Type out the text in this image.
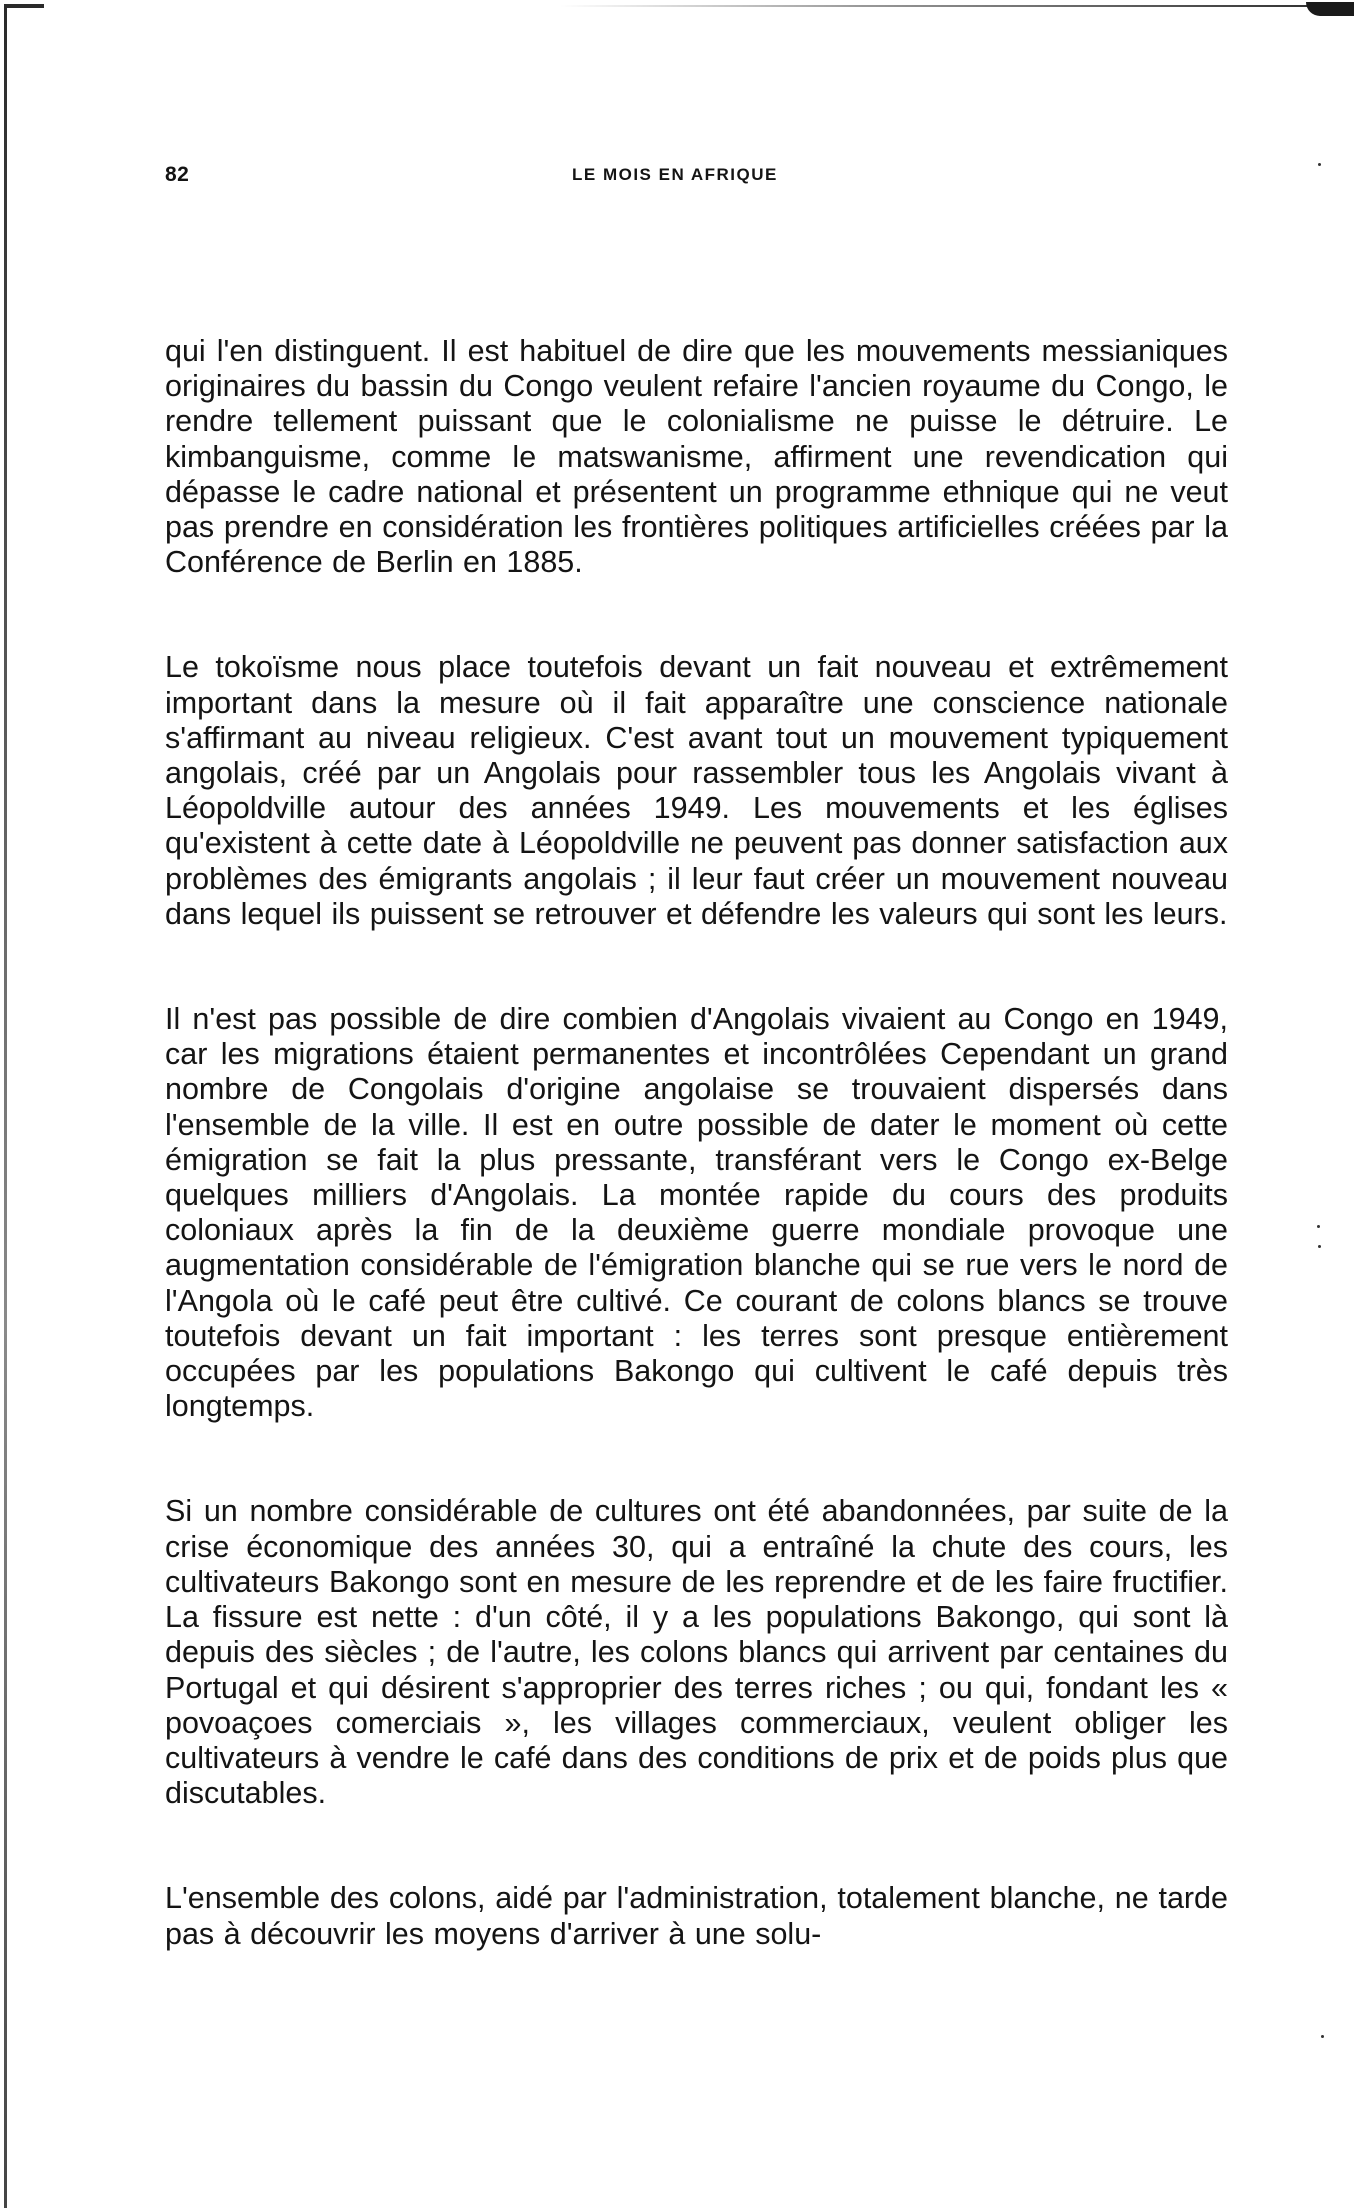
82	LE MOIS EN AFRIQUE

qui l'en distinguent. Il est habituel de dire que les mouvements messianiques originaires du bassin du Congo veulent refaire l'ancien royaume du Congo, le rendre tellement puissant que le colonialisme ne puisse le détruire. Le kimbanguisme, comme le matswanisme, affirment une revendication qui dépasse le cadre national et présentent un programme ethnique qui ne veut pas prendre en considération les frontières politiques artificielles créées par la Conférence de Berlin en 1885.

Le tokoïsme nous place toutefois devant un fait nouveau et extrêmement important dans la mesure où il fait apparaître une conscience nationale s'affirmant au niveau religieux. C'est avant tout un mouvement typiquement angolais, créé par un Angolais pour rassembler tous les Angolais vivant à Léopoldville autour des années 1949. Les mouvements et les églises qu'existent à cette date à Léopoldville ne peuvent pas donner satisfaction aux problèmes des émigrants angolais ; il leur faut créer un mouvement nouveau dans lequel ils puissent se retrouver et défendre les valeurs qui sont les leurs.

Il n'est pas possible de dire combien d'Angolais vivaient au Congo en 1949, car les migrations étaient permanentes et incontrôlées Cependant un grand nombre de Congolais d'origine angolaise se trouvaient dispersés dans l'ensemble de la ville. Il est en outre possible de dater le moment où cette émigration se fait la plus pressante, transférant vers le Congo ex-Belge quelques milliers d'Angolais. La montée rapide du cours des produits coloniaux après la fin de la deuxième guerre mondiale provoque une augmentation considérable de l'émigration blanche qui se rue vers le nord de l'Angola où le café peut être cultivé. Ce courant de colons blancs se trouve toutefois devant un fait important : les terres sont presque entièrement occupées par les populations Bakongo qui cultivent le café depuis très longtemps.

Si un nombre considérable de cultures ont été abandonnées, par suite de la crise économique des années 30, qui a entraîné la chute des cours, les cultivateurs Bakongo sont en mesure de les reprendre et de les faire fructifier. La fissure est nette : d'un côté, il y a les populations Bakongo, qui sont là depuis des siècles ; de l'autre, les colons blancs qui arrivent par centaines du Portugal et qui désirent s'approprier des terres riches ; ou qui, fondant les « povoaçoes comerciais », les villages commerciaux, veulent obliger les cultivateurs à vendre le café dans des conditions de prix et de poids plus que discutables.

L'ensemble des colons, aidé par l'administration, totalement blanche, ne tarde pas à découvrir les moyens d'arriver à une solu-
